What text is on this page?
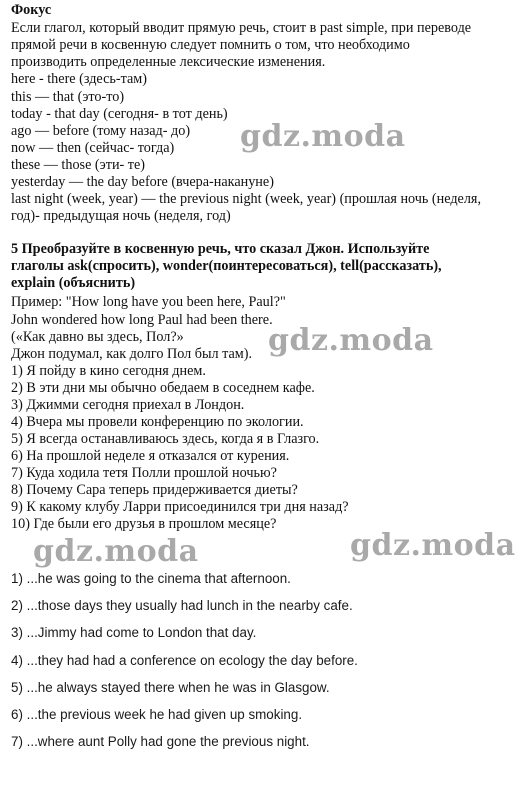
Фокус
Если глагол, который вводит прямую речь, стоит в past simple, при переводе
прямой речи в косвенную следует помнить о том, что необходимо
производить определенные лексические изменения.
here - there (здесь-там)
this — that (это-то)
today - that day (сегодня- в тот день)
ago — before (тому назад- до)
now — then (сейчас- тогда)
these — those (эти- те)
yesterday — the day before (вчера-накануне)
last night (week, year) — the previous night (week, year) (прошлая ночь (неделя,
год)- предыдущая ночь (неделя, год)
5 Преобразуйте в косвенную речь, что сказал Джон. Используйте
глаголы ask(спросить), wonder(поинтересоваться), tell(рассказать),
explain (объяснить)
Пример: "How long have you been here, Paul?"
John wondered how long Paul had been there.
(«Как давно вы здесь, Пол?»
Джон подумал, как долго Пол был там).
1) Я пойду в кино сегодня днем.
2) В эти дни мы обычно обедаем в соседнем кафе.
3) Джимми сегодня приехал в Лондон.
4) Вчера мы провели конференцию по экологии.
5) Я всегда останавливаюсь здесь, когда я в Глазго.
6) На прошлой неделе я отказался от курения.
7) Куда ходила тетя Полли прошлой ночью?
8) Почему Сара теперь придерживается диеты?
9) К какому клубу Ларри присоединился три дня назад?
10) Где были его друзья в прошлом месяце?
1) ...he was going to the cinema that afternoon.
2) ...those days they usually had lunch in the nearby cafe.
3) ...Jimmy had come to London that day.
4) ...they had had a conference on ecology the day before.
5) ...he always stayed there when he was in Glasgow.
6) ...the previous week he had given up smoking.
7) ...where aunt Polly had gone the previous night.
gdz.moda
gdz.moda
gdz.moda	gdz.moda
